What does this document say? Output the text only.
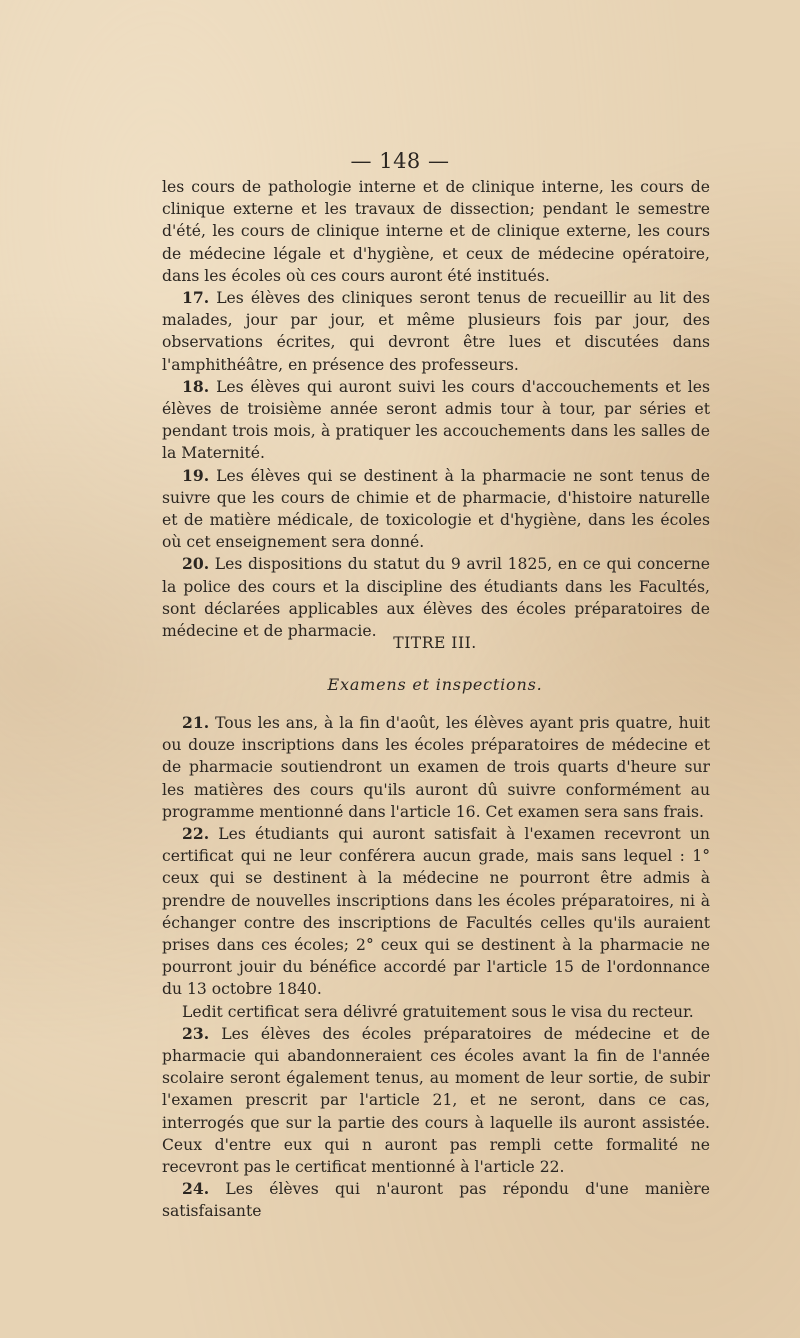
— 148 —

les cours de pathologie interne et de clinique interne, les cours de clinique externe et les travaux de dissection; pendant le semestre d'été, les cours de clinique interne et de clinique externe, les cours de médecine légale et d'hygiène, et ceux de médecine opératoire, dans les écoles où ces cours auront été institués.

17. Les élèves des cliniques seront tenus de recueillir au lit des malades, jour par jour, et même plusieurs fois par jour, des observations écrites, qui devront être lues et discutées dans l'amphithéâtre, en présence des professeurs.

18. Les élèves qui auront suivi les cours d'accouchements et les élèves de troisième année seront admis tour à tour, par séries et pendant trois mois, à pratiquer les accouchements dans les salles de la Maternité.

19. Les élèves qui se destinent à la pharmacie ne sont tenus de suivre que les cours de chimie et de pharmacie, d'histoire naturelle et de matière médicale, de toxicologie et d'hygiène, dans les écoles où cet enseignement sera donné.

20. Les dispositions du statut du 9 avril 1825, en ce qui concerne la police des cours et la discipline des étudiants dans les Facultés, sont déclarées applicables aux élèves des écoles préparatoires de médecine et de pharmacie.

TITRE III.
Examens et inspections.

21. Tous les ans, à la fin d'août, les élèves ayant pris quatre, huit ou douze inscriptions dans les écoles préparatoires de médecine et de pharmacie soutiendront un examen de trois quarts d'heure sur les matières des cours qu'ils auront dû suivre conformément au programme mentionné dans l'article 16. Cet examen sera sans frais.

22. Les étudiants qui auront satisfait à l'examen recevront un certificat qui ne leur conférera aucun grade, mais sans lequel : 1° ceux qui se destinent à la médecine ne pourront être admis à prendre de nouvelles inscriptions dans les écoles préparatoires, ni à échanger contre des inscriptions de Facultés celles qu'ils auraient prises dans ces écoles; 2° ceux qui se destinent à la pharmacie ne pourront jouir du bénéfice accordé par l'article 15 de l'ordonnance du 13 octobre 1840.

Ledit certificat sera délivré gratuitement sous le visa du recteur.

23. Les élèves des écoles préparatoires de médecine et de pharmacie qui abandonneraient ces écoles avant la fin de l'année scolaire seront également tenus, au moment de leur sortie, de subir l'examen prescrit par l'article 21, et ne seront, dans ce cas, interrogés que sur la partie des cours à laquelle ils auront assistée. Ceux d'entre eux qui n auront pas rempli cette formalité ne recevront pas le certificat mentionné à l'article 22.

24. Les élèves qui n'auront pas répondu d'une manière satisfaisante
